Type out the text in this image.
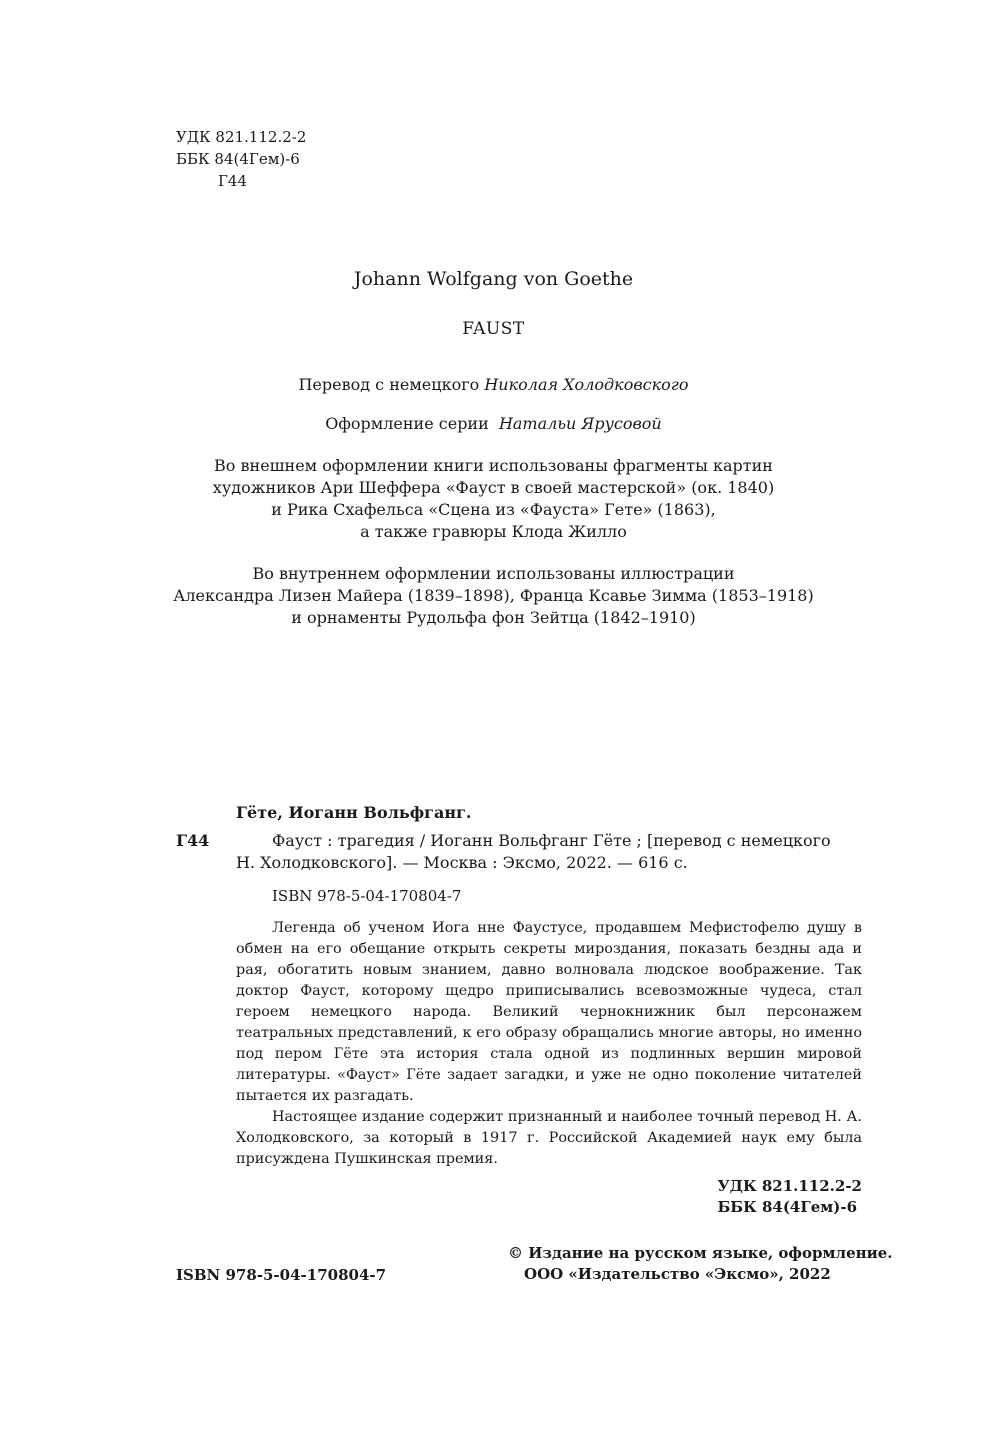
УДК 821.112.2-2
ББК 84(4Гем)-6
Г44
Johann Wolfgang von Goethe
FAUST
Перевод с немецкого Николая Холодковского
Оформление серии Натальи Ярусовой
Во внешнем оформлении книги использованы фрагменты картин
художников Ари Шеффера «Фауст в своей мастерской» (ок. 1840)
и Рика Схафельса «Сцена из «Фауста» Гете» (1863),
а также гравюры Клода Жилло
Во внутреннем оформлении использованы иллюстрации
Александра Лизен Майера (1839–1898), Франца Ксавье Зимма (1853–1918)
и орнаменты Рудольфа фон Зейтца (1842–1910)
Гёте, Иоганн Вольфганг.
Г44	Фауст : трагедия / Иоганн Вольфганг Гёте ; [перевод с немецкого
Н. Холодковского]. — Москва : Эксмо, 2022. — 616 с.
ISBN 978-5-04-170804-7

Легенда об ученом Иога нне Фаустусе, продавшем Мефистофелю душу в обмен на его обещание открыть секреты мироздания, показать бездны ада и рая, обогатить новым знанием, давно волновала людское воображение. Так доктор Фауст, которому щедро приписывались всевозможные чудеса, стал героем немецкого народа. Великий чернокнижник был персонажем театральных представлений, к его образу обращались многие авторы, но именно под пером Гёте эта история стала одной из подлинных вершин мировой литературы. «Фауст» Гёте задает загадки, и уже не одно поколение читателей пытается их разгадать.

Настоящее издание содержит признанный и наиболее точный перевод Н. А. Холодковского, за который в 1917 г. Российской Академией наук ему была присуждена Пушкинская премия.

УДК 821.112.2-2
ББК 84(4Гем)-6
ISBN 978-5-04-170804-7
© Издание на русском языке, оформление.
ООО «Издательство «Эксмо», 2022
